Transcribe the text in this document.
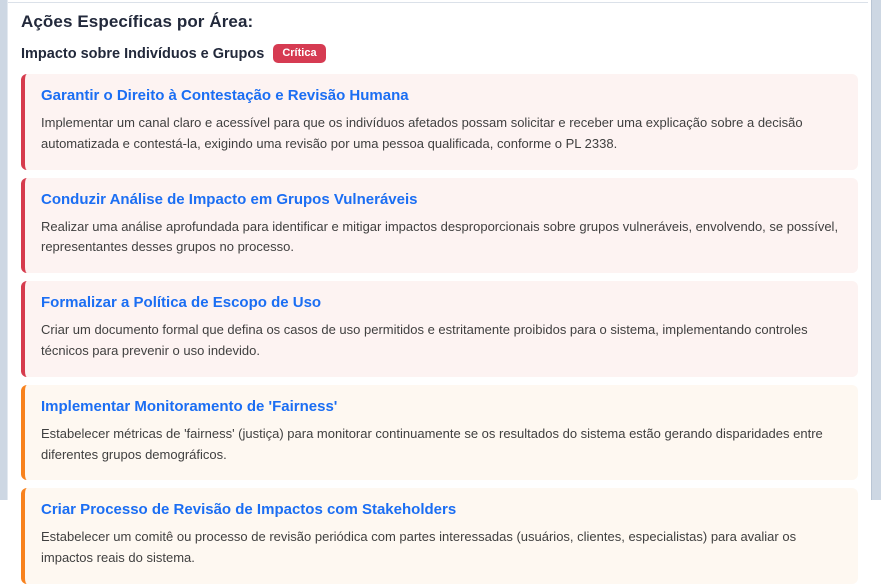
Ações Específicas por Área:
Impacto sobre Indivíduos e Grupos	Crítica
Garantir o Direito à Contestação e Revisão Humana
Implementar um canal claro e acessível para que os indivíduos afetados possam solicitar e receber uma explicação sobre a decisão automatizada e contestá-la, exigindo uma revisão por uma pessoa qualificada, conforme o PL 2338.
Conduzir Análise de Impacto em Grupos Vulneráveis
Realizar uma análise aprofundada para identificar e mitigar impactos desproporcionais sobre grupos vulneráveis, envolvendo, se possível, representantes desses grupos no processo.
Formalizar a Política de Escopo de Uso
Criar um documento formal que defina os casos de uso permitidos e estritamente proibidos para o sistema, implementando controles técnicos para prevenir o uso indevido.
Implementar Monitoramento de 'Fairness'
Estabelecer métricas de 'fairness' (justiça) para monitorar continuamente se os resultados do sistema estão gerando disparidades entre diferentes grupos demográficos.
Criar Processo de Revisão de Impactos com Stakeholders
Estabelecer um comitê ou processo de revisão periódica com partes interessadas (usuários, clientes, especialistas) para avaliar os impactos reais do sistema.
